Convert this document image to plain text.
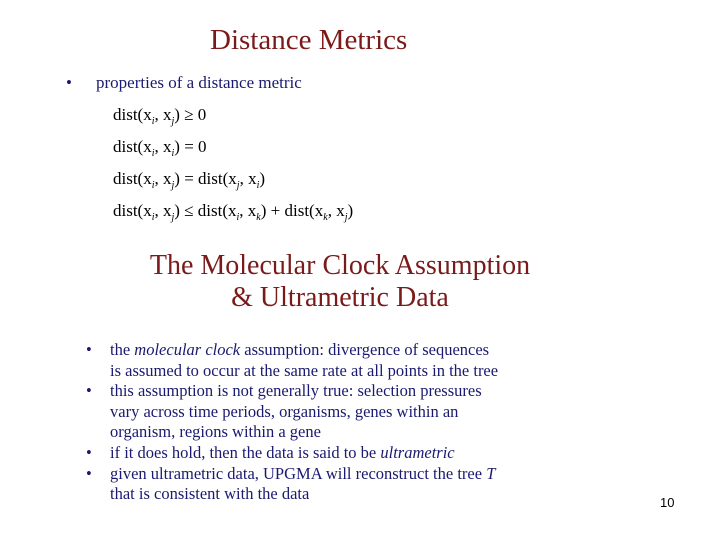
Distance Metrics
• properties of a distance metric
$dist(x_i$, $x_j) \ge 0$
$dist(x_i$, $x_i) = 0$
$dist(x_i$, $x_j$) = $dist(x_j$, $x_i$)
$dist(x_i$, $x_j$) ≤ $dist(x_i$, $x_k$) + $dist(x_k$, $x_j$)
The Molecular Clock Assumption
& Ultrametric Data
• the molecular clock assumption: divergence of sequences
is assumed to occur at the same rate at all points in the tree
• this assumption is not generally true: selection pressures
vary across time periods, organisms, genes within an
organism, regions within a gene
• if it does hold, then the data is said to be ultrametric
• given ultrametric data, UPGMA will reconstruct the tree T
that is consistent with the data	10
